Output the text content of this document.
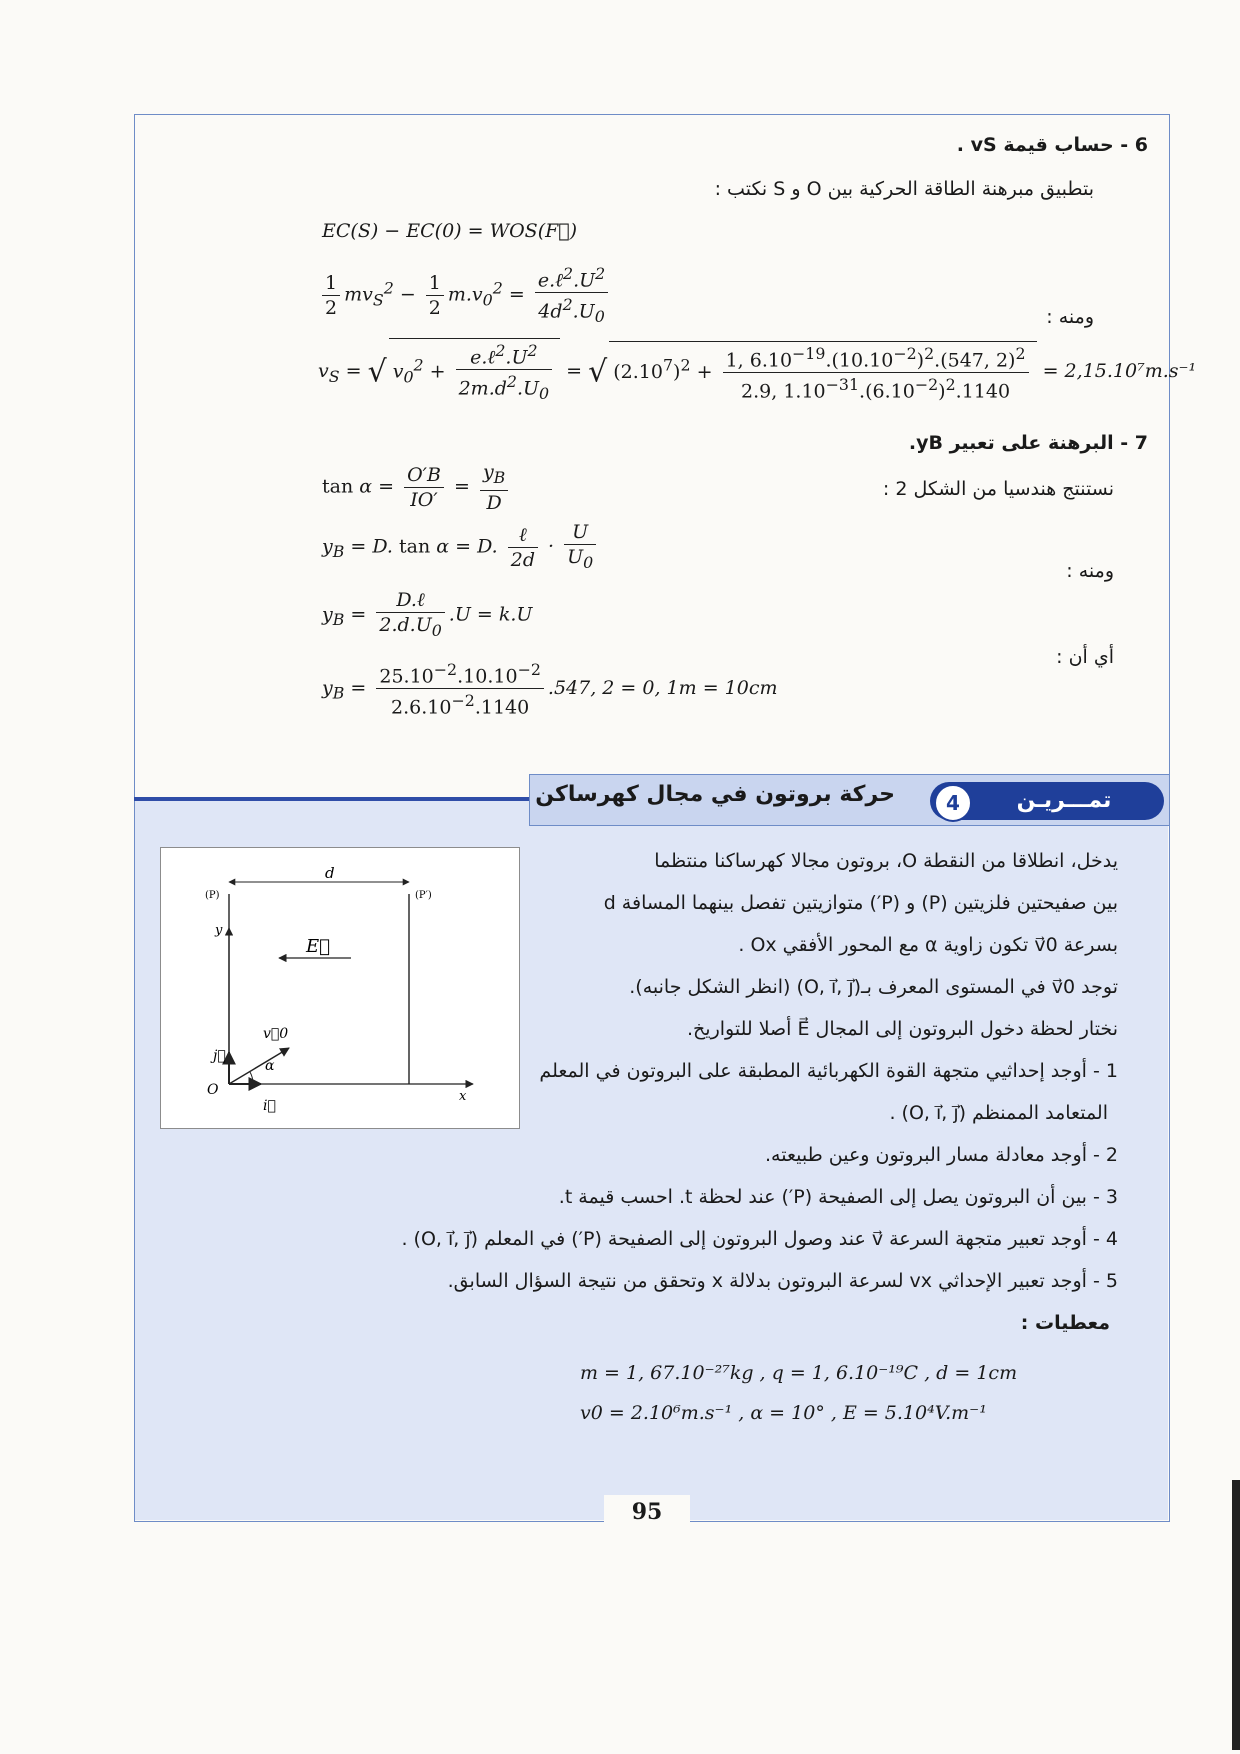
6 - حساب قيمة vS .
بتطبيق مبرهنة الطاقة الحركية بين O و S نكتب :
EC(S) − EC(0) = WOS(F⃗)
$\frac{1}{2} mv_S^2 - \frac{1}{2} m.v_0^2 = \frac{e.\ell^2.U^2}{4d^2.U_0}$	ومنه :
$v_S$ = √ $v_0^2 + \frac{e.\ell^2.U^2}{2m.d^2.U_0}$ = √ $(2.10^7)^2 + \frac{1, 6.10^{-19}.(10.10^{-2})^2.(547, 2)^2}{2.9, 1.10^{-31}.(6.10^{-2})^2.1140} = 2,15.10^7m.s^{-1}$
7 - البرهنة على تعبير yB.
$\tan \alpha = \frac{O'B}{IO'} = \frac{y_B}{D}$	نستنتج هندسيا من الشكل 2 :
$y_B = D$. tan α = D. $\frac{\text{ℓ}}{2d} \cdot \frac{U}{U_0}$	ومنه :
$y_B = \frac{\text{D.ℓ}}{2.d.U_0} .U = k.U$
أي أن :
$y_B = \frac{25.10^{-2}.10.10^{-2}}{2.6.10^{-2}.1140} .547$, 2 = 0, 1m = 10cm
تمـــريـن
4
حركة بروتون في مجال كهرساكن
يدخل، انطلاقا من النقطة O، بروتون مجالا كهرساكنا منتظما
بين صفيحتين فلزيتين (P) و (P′) متوازيتين تفصل بينهما المسافة d
بسرعة v⃗0 تكون زاوية α مع المحور الأفقي Ox .
توجد v⃗0 في المستوى المعرف بـ(O, i⃗, j⃗) (انظر الشكل جانبه).
نختار لحظة دخول البروتون إلى المجال E⃗ أصلا للتواريخ.
1 - أوجد إحداثيي متجهة القوة الكهربائية المطبقة على البروتون في المعلم
المتعامد الممنظم (O, i⃗, j⃗) .
2 - أوجد معادلة مسار البروتون وعين طبيعته.
3 - بين أن البروتون يصل إلى الصفيحة (P′) عند لحظة t. احسب قيمة t.
4 - أوجد تعبير متجهة السرعة v⃗ عند وصول البروتون إلى الصفيحة (P′) في المعلم (O, i⃗, j⃗) .
5 - أوجد تعبير الإحداثي vx لسرعة البروتون بدلالة x وتحقق من نتيجة السؤال السابق.
معطيات :
m = 1, 67.10⁻²⁷kg , q = 1, 6.10⁻¹⁹C , d = 1cm
v0 = 2.10⁶m.s⁻¹ , α = 10° , E = 5.10⁴V.m⁻¹
d
(P)	(P′)
y
E⃗
v⃗0
α
j⃗
i⃗
O	x
95
